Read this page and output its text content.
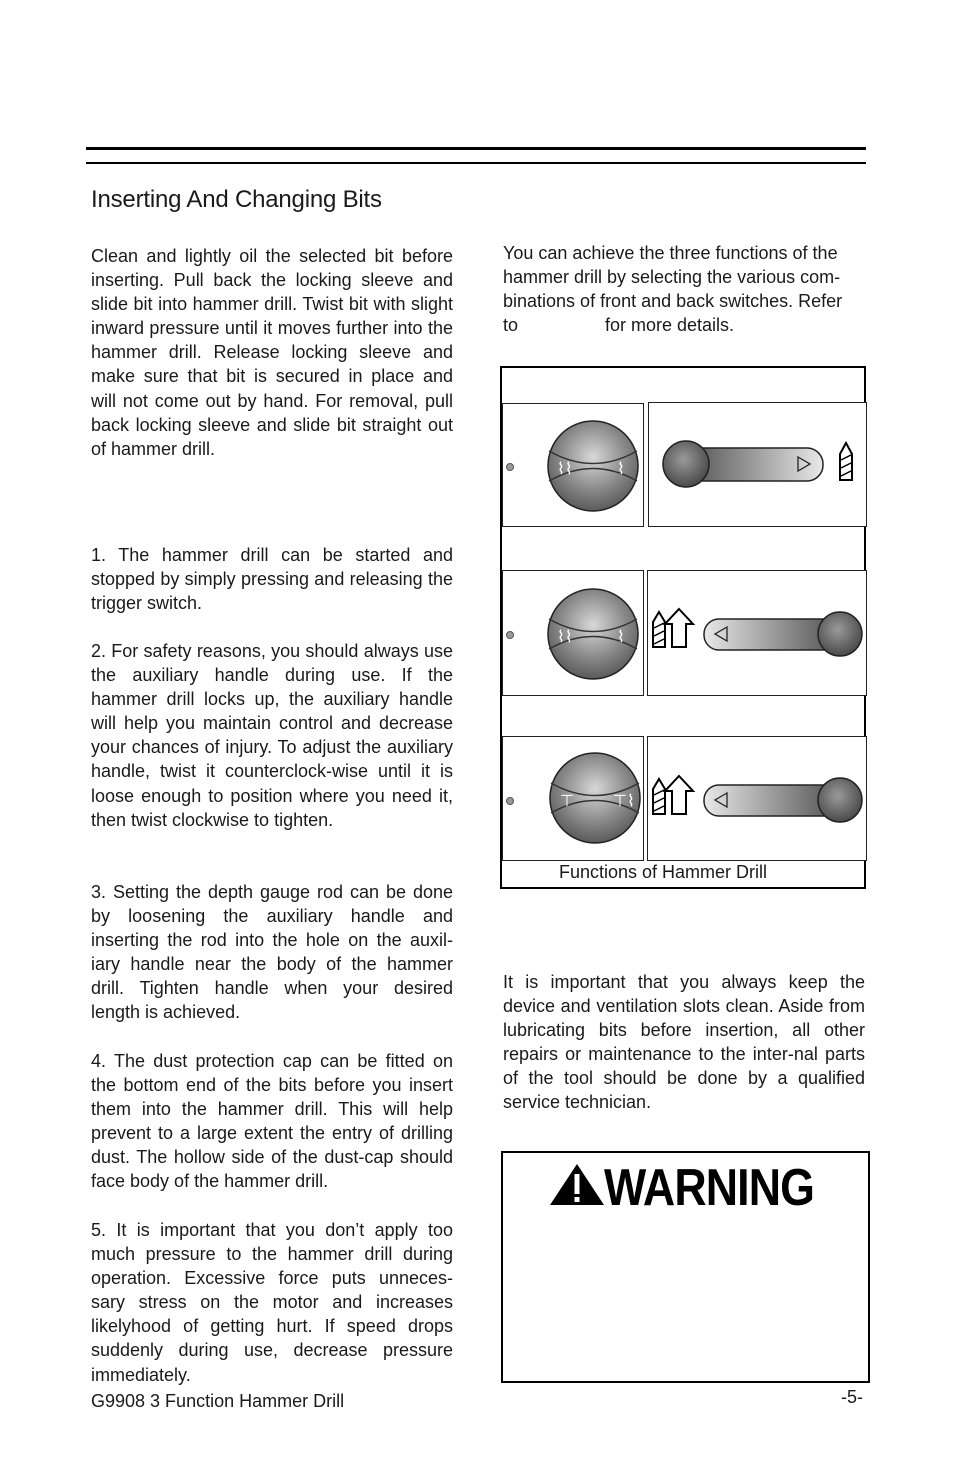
Inserting And Changing Bits

Clean and lightly oil the selected bit before inserting. Pull back the locking sleeve and slide bit into hammer drill. Twist bit with slight inward pressure until it moves further into the hammer drill. Release locking sleeve and make sure that bit is secured in place and will not come out by hand. For removal, pull back locking sleeve and slide bit straight out of hammer drill.

1. The hammer drill can be started and stopped by simply pressing and releasing the trigger switch.

2. For safety reasons, you should always use the auxiliary handle during use. If the hammer drill locks up, the auxiliary handle will help you maintain control and decrease your chances of injury. To adjust the auxiliary handle, twist it counterclock-wise until it is loose enough to position where you need it, then twist clockwise to tighten.

3. Setting the depth gauge rod can be done by loosening the auxiliary handle and inserting the rod into the hole on the auxil-iary handle near the body of the hammer drill. Tighten handle when your desired length is achieved.

4. The dust protection cap can be fitted on the bottom end of the bits before you insert them into the hammer drill. This will help prevent to a large extent the entry of drilling dust. The hollow side of the dust-cap should face body of the hammer drill.

5. It is important that you don’t apply too much pressure to the hammer drill during operation. Excessive force puts unneces-sary stress on the motor and increases likelyhood of getting hurt. If speed drops suddenly during use, decrease pressure immediately.

You can achieve the three functions of the
hammer drill by selecting the various com-
binations of front and back switches. Refer
to	for more details.
⌇⌇	⌇
⌇⌇	⌇
⊤ ⊤⌇
Functions of Hammer Drill

It is important that you always keep the device and ventilation slots clean. Aside from lubricating bits before insertion, all other repairs or maintenance to the inter-nal parts of the tool should be done by a qualified service technician.

WARNING
G9908 3 Function Hammer Drill	-5-
